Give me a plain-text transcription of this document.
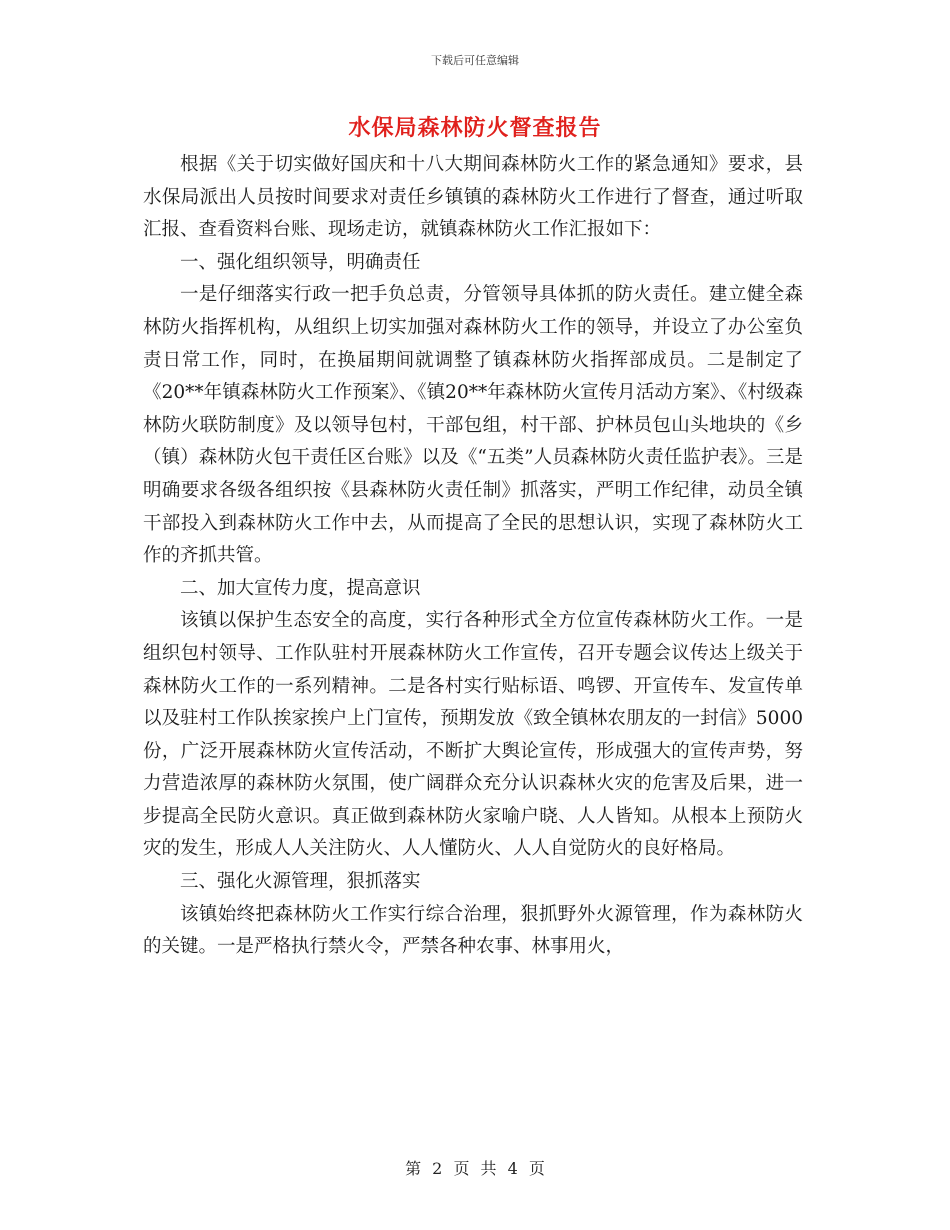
下载后可任意编辑
水保局森林防火督查报告

根据《关于切实做好国庆和十八大期间森林防火工作的紧急通知》要求，县水保局派出人员按时间要求对责任乡镇镇的森林防火工作进行了督查，通过听取汇报、查看资料台账、现场走访，就镇森林防火工作汇报如下：

一、强化组织领导，明确责任

一是仔细落实行政一把手负总责，分管领导具体抓的防火责任。建立健全森林防火指挥机构，从组织上切实加强对森林防火工作的领导，并设立了办公室负责日常工作，同时，在换届期间就调整了镇森林防火指挥部成员。二是制定了《20**年镇森林防火工作预案》、《镇20**年森林防火宣传月活动方案》、《村级森林防火联防制度》及以领导包村，干部包组，村干部、护林员包山头地块的《乡（镇）森林防火包干责任区台账》以及《“五类”人员森林防火责任监护表》。三是明确要求各级各组织按《县森林防火责任制》抓落实，严明工作纪律，动员全镇干部投入到森林防火工作中去，从而提高了全民的思想认识，实现了森林防火工作的齐抓共管。

二、加大宣传力度，提高意识

该镇以保护生态安全的高度，实行各种形式全方位宣传森林防火工作。一是组织包村领导、工作队驻村开展森林防火工作宣传，召开专题会议传达上级关于森林防火工作的一系列精神。二是各村实行贴标语、鸣锣、开宣传车、发宣传单以及驻村工作队挨家挨户上门宣传，预期发放《致全镇林农朋友的一封信》5000份，广泛开展森林防火宣传活动，不断扩大舆论宣传，形成强大的宣传声势，努力营造浓厚的森林防火氛围，使广阔群众充分认识森林火灾的危害及后果，进一步提高全民防火意识。真正做到森林防火家喻户晓、人人皆知。从根本上预防火灾的发生，形成人人关注防火、人人懂防火、人人自觉防火的良好格局。

三、强化火源管理，狠抓落实

该镇始终把森林防火工作实行综合治理，狠抓野外火源管理，作为森林防火的关键。一是严格执行禁火令，严禁各种农事、林事用火，

第 2 页 共 4 页
